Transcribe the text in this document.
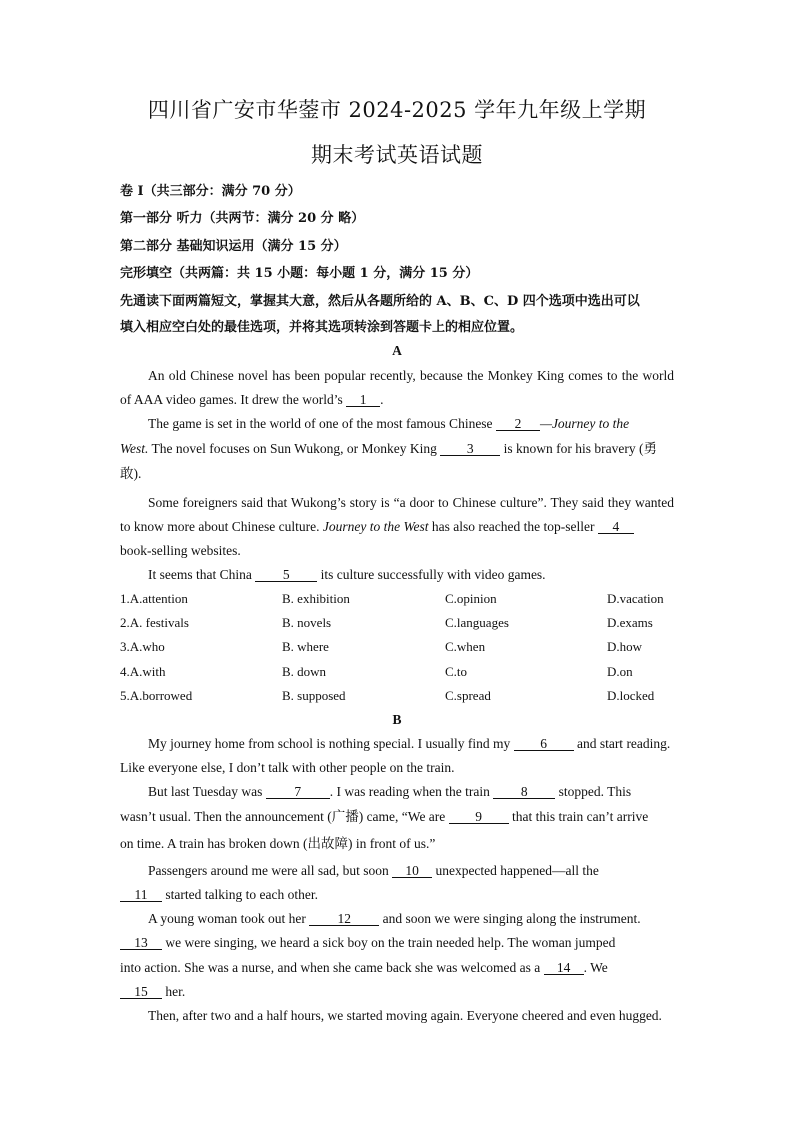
四川省广安市华蓥市 2024-2025 学年九年级上学期
期末考试英语试题
卷 I（共三部分：满分 70 分）
第一部分 听力（共两节：满分 20 分 略）
第二部分 基础知识运用（满分 15 分）
完形填空（共两篇：共 15 小题：每小题 1 分，满分 15 分）
先通读下面两篇短文，掌握其大意，然后从各题所给的 A、B、C、D 四个选项中选出可以
填入相应空白处的最佳选项，并将其选项转涂到答题卡上的相应位置。
A
An old Chinese novel has been popular recently, because the Monkey King comes to the world
of AAA video games. It drew the world’s 1 .
The game is set in the world of one of the most famous Chinese 2 —Journey to the
West. The novel focuses on Sun Wukong, or Monkey King 3 is known for his bravery (勇
敢).
Some foreigners said that Wukong’s story is “a door to Chinese culture”. They said they wanted
to know more about Chinese culture. Journey to the West has also reached the top-seller 4
book-selling websites.
It seems that China 5 its culture successfully with video games.
1.A.attention	B. exhibition	C.opinion	D.vacation
2.A. festivals	B. novels	C.languages	D.exams
3.A.who	B. where	C.when	D.how
4.A.with	B. down	C.to	D.on
5.A.borrowed	B. supposed	C.spread	D.locked
B
My journey home from school is nothing special. I usually find my 6 and start reading.
Like everyone else, I don’t talk with other people on the train.
But last Tuesday was 7 . I was reading when the train 8 stopped. This
wasn’t usual. Then the announcement (广播) came, “We are 9 that this train can’t arrive
on time. A train has broken down (出故障) in front of us.”
Passengers around me were all sad, but soon 10 unexpected happened—all the
11 started talking to each other.
A young woman took out her 12 and soon we were singing along the instrument.
13 we were singing, we heard a sick boy on the train needed help. The woman jumped
into action. She was a nurse, and when she came back she was welcomed as a 14 . We
15 her.
Then, after two and a half hours, we started moving again. Everyone cheered and even hugged.
